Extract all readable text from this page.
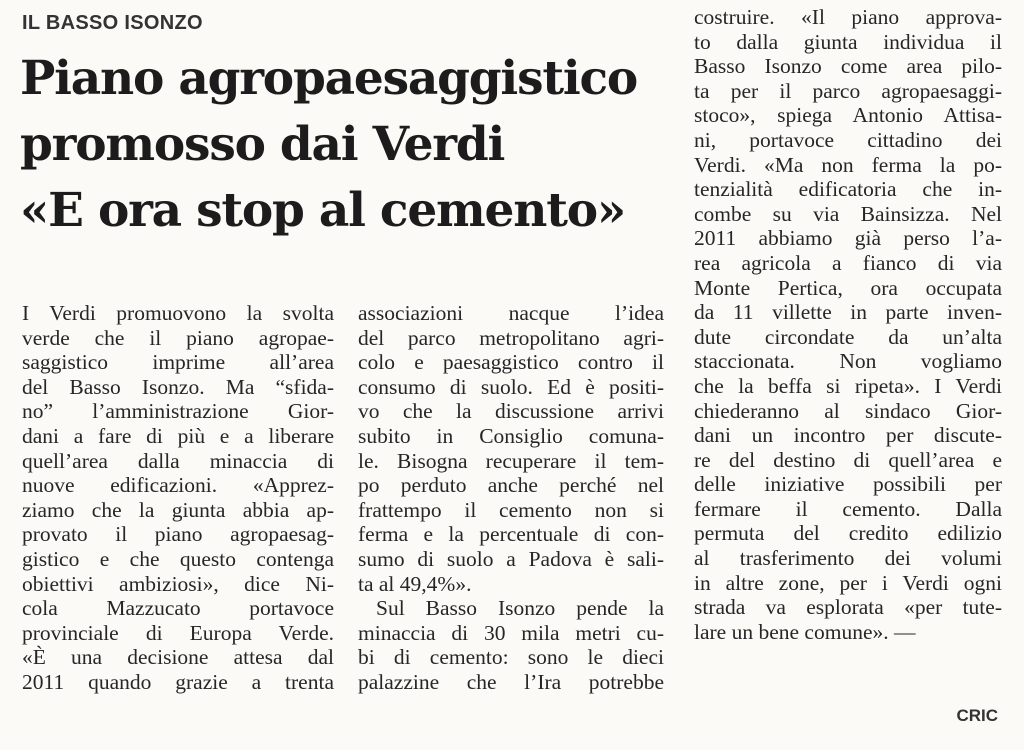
IL BASSO ISONZO
Piano agropaesaggistico
promosso dai Verdi
«E ora stop al cemento»
I Verdi promuovono la svolta
verde che il piano agropae-
saggistico imprime all’area
del Basso Isonzo. Ma “sfida-
no” l’amministrazione Gior-
dani a fare di più e a liberare
quell’area dalla minaccia di
nuove edificazioni. «Apprez-
ziamo che la giunta abbia ap-
provato il piano agropaesag-
gistico e che questo contenga
obiettivi ambiziosi», dice Ni-
cola Mazzucato portavoce
provinciale di Europa Verde.
«È una decisione attesa dal
2011 quando grazie a trenta
associazioni nacque l’idea
del parco metropolitano agri-
colo e paesaggistico contro il
consumo di suolo. Ed è positi-
vo che la discussione arrivi
subito in Consiglio comuna-
le. Bisogna recuperare il tem-
po perduto anche perché nel
frattempo il cemento non si
ferma e la percentuale di con-
sumo di suolo a Padova è sali-
ta al 49,4%».
Sul Basso Isonzo pende la
minaccia di 30 mila metri cu-
bi di cemento: sono le dieci
palazzine che l’Ira potrebbe
costruire. «Il piano approva-
to dalla giunta individua il
Basso Isonzo come area pilo-
ta per il parco agropaesaggi-
stoco», spiega Antonio Attisa-
ni, portavoce cittadino dei
Verdi. «Ma non ferma la po-
tenzialità edificatoria che in-
combe su via Bainsizza. Nel
2011 abbiamo già perso l’a-
rea agricola a fianco di via
Monte Pertica, ora occupata
da 11 villette in parte inven-
dute circondate da un’alta
staccionata. Non vogliamo
che la beffa si ripeta». I Verdi
chiederanno al sindaco Gior-
dani un incontro per discute-
re del destino di quell’area e
delle iniziative possibili per
fermare il cemento. Dalla
permuta del credito edilizio
al trasferimento dei volumi
in altre zone, per i Verdi ogni
strada va esplorata «per tute-
lare un bene comune». —
CRIC
